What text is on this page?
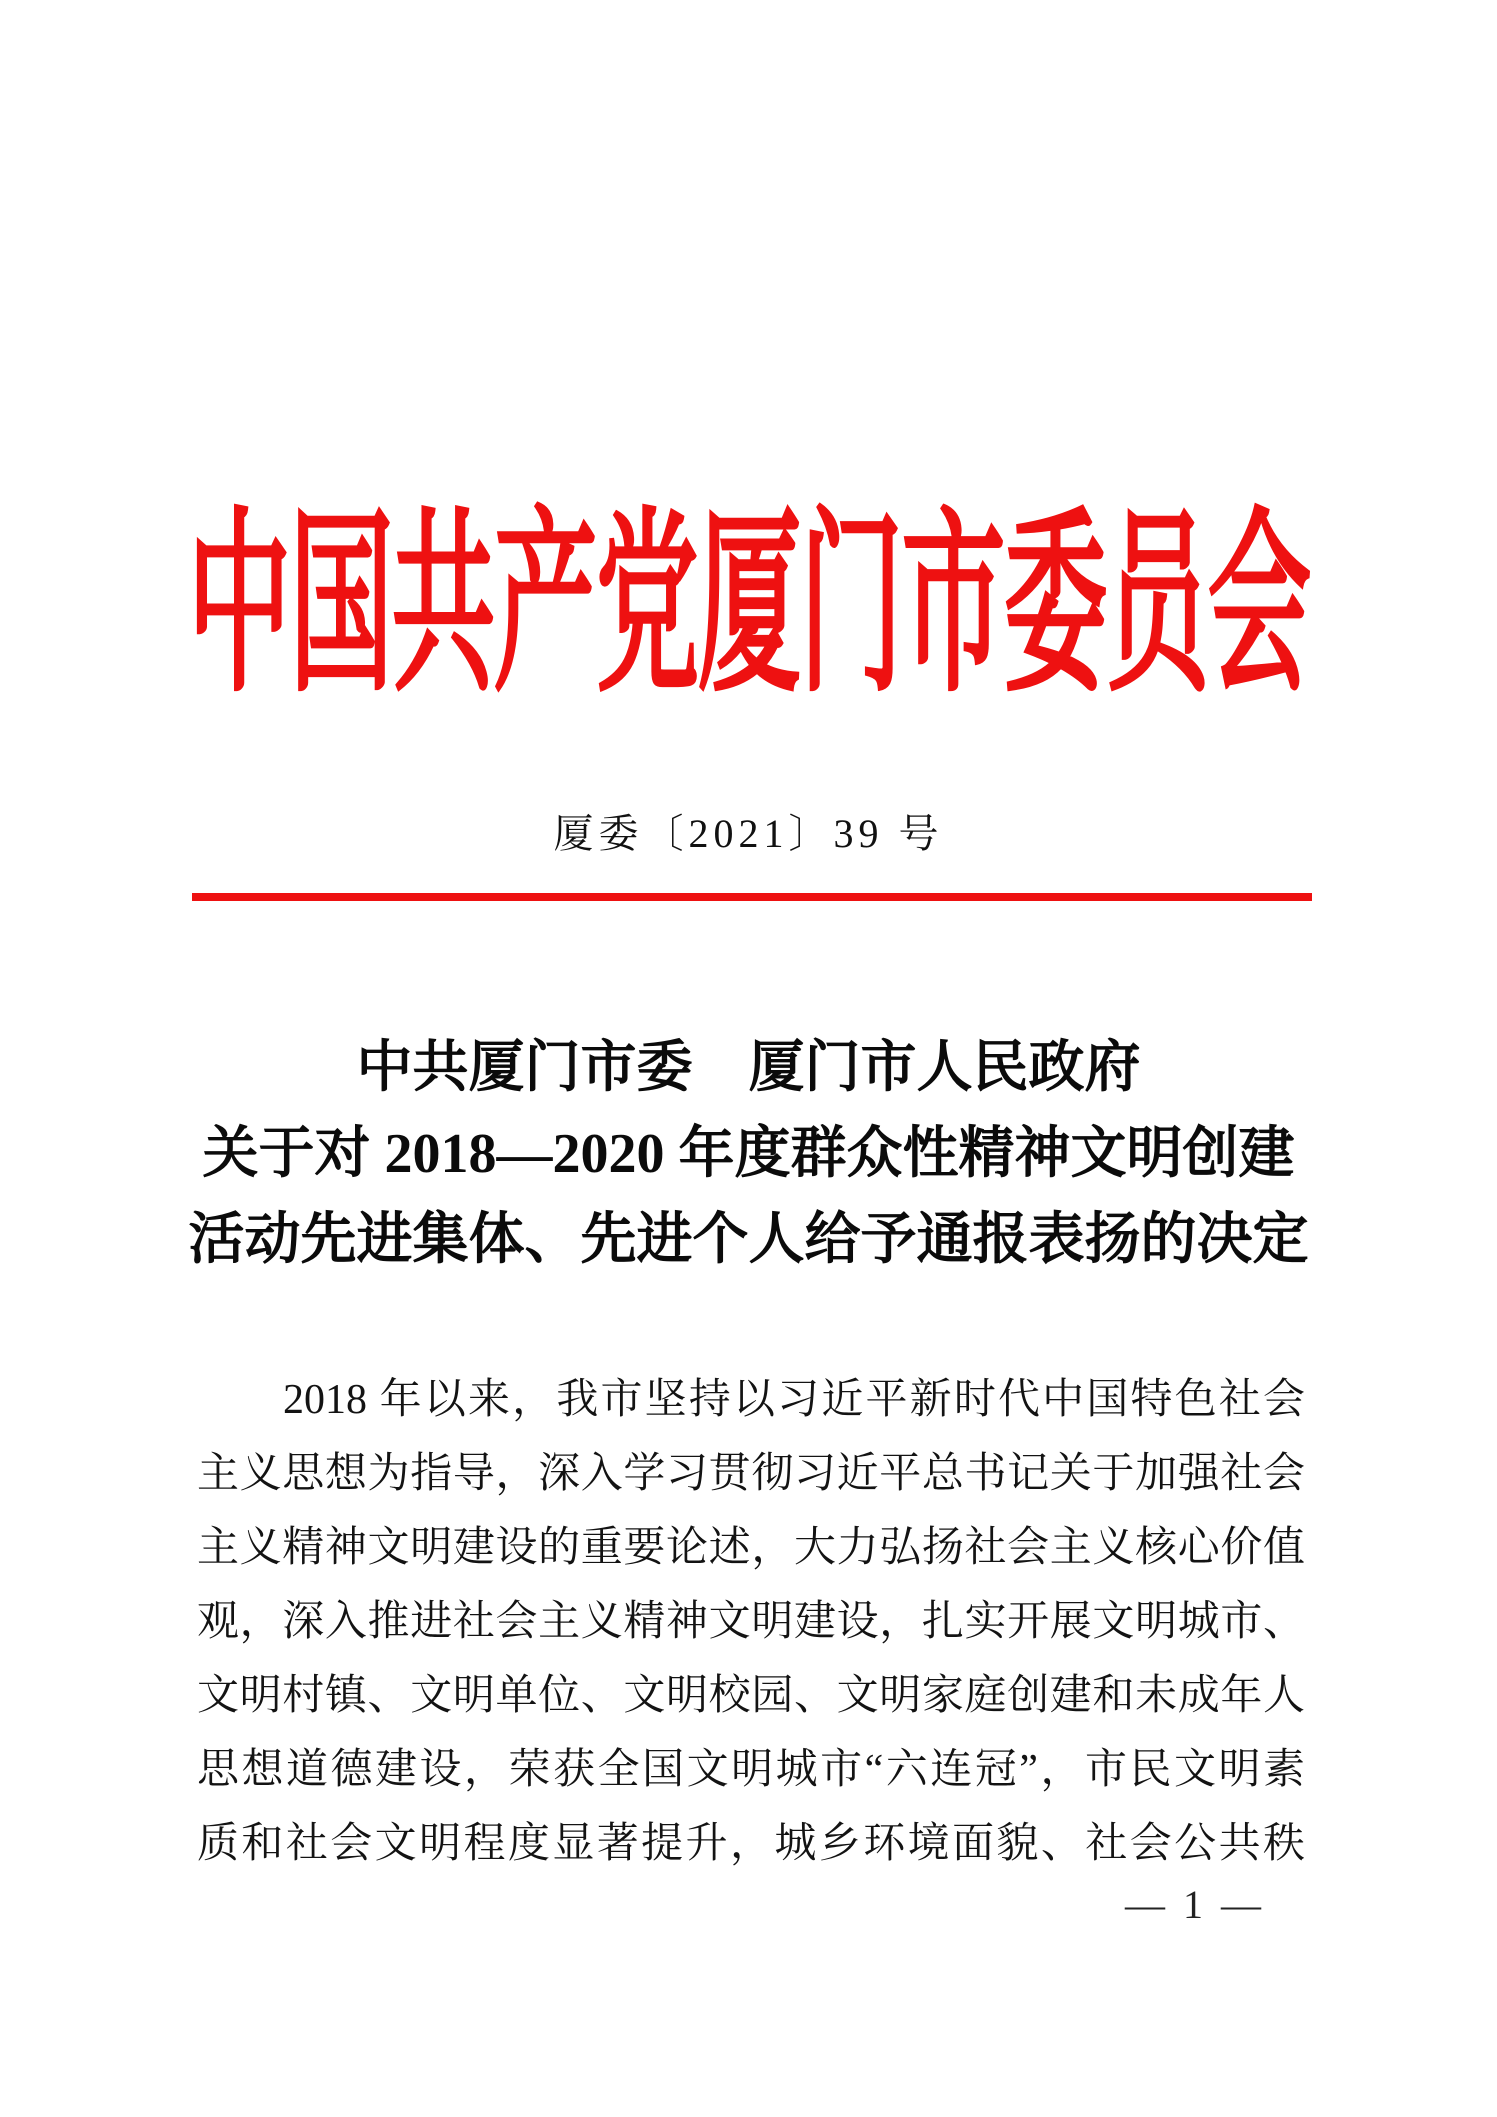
中国共产党厦门市委员会
厦委〔2021〕39 号
中共厦门市委　厦门市人民政府
关于对 2018—2020 年度群众性精神文明创建
活动先进集体、先进个人给予通报表扬的决定
2018 年以来，我市坚持以习近平新时代中国特色社会
主义思想为指导，深入学习贯彻习近平总书记关于加强社会
主义精神文明建设的重要论述，大力弘扬社会主义核心价值
观，深入推进社会主义精神文明建设，扎实开展文明城市、
文明村镇、文明单位、文明校园、文明家庭创建和未成年人
思想道德建设，荣获全国文明城市“六连冠”，市民文明素
质和社会文明程度显著提升，城乡环境面貌、社会公共秩
— 1 —
